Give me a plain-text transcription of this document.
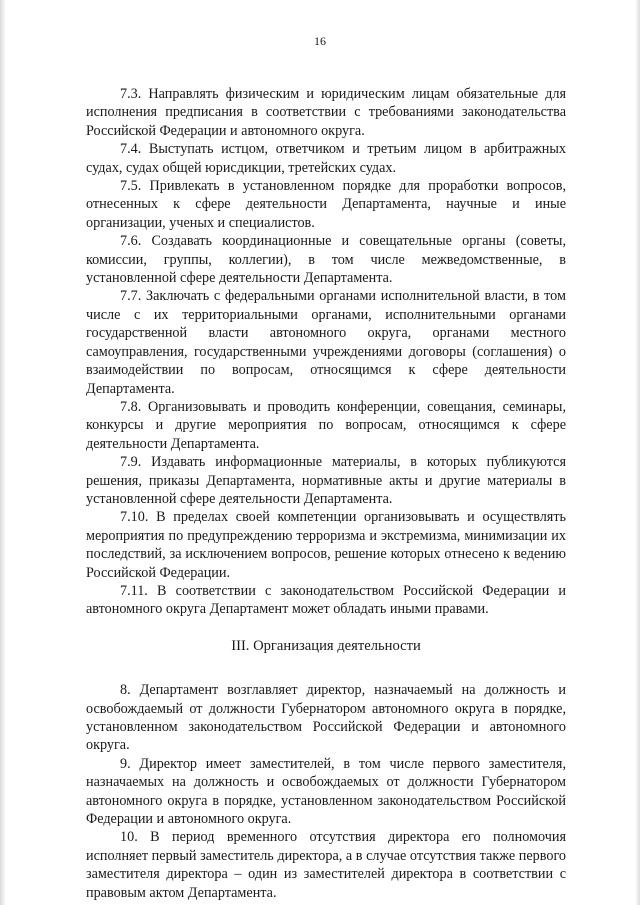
16

7.3. Направлять физическим и юридическим лицам обязательные для исполнения предписания в соответствии с требованиями законодательства Российской Федерации и автономного округа.

7.4. Выступать истцом, ответчиком и третьим лицом в арбитражных судах, судах общей юрисдикции, третейских судах.

7.5. Привлекать в установленном порядке для проработки вопросов, отнесенных к сфере деятельности Департамента, научные и иные организации, ученых и специалистов.

7.6. Создавать координационные и совещательные органы (советы, комиссии, группы, коллегии), в том числе межведомственные, в установленной сфере деятельности Департамента.

7.7. Заключать с федеральными органами исполнительной власти, в том числе с их территориальными органами, исполнительными органами государственной власти автономного округа, органами местного самоуправления, государственными учреждениями договоры (соглашения) о взаимодействии по вопросам, относящимся к сфере деятельности Департамента.

7.8. Организовывать и проводить конференции, совещания, семинары, конкурсы и другие мероприятия по вопросам, относящимся к сфере деятельности Департамента.

7.9. Издавать информационные материалы, в которых публикуются решения, приказы Департамента, нормативные акты и другие материалы в установленной сфере деятельности Департамента.

7.10. В пределах своей компетенции организовывать и осуществлять мероприятия по предупреждению терроризма и экстремизма, минимизации их последствий, за исключением вопросов, решение которых отнесено к ведению Российской Федерации.

7.11. В соответствии с законодательством Российской Федерации и автономного округа Департамент может обладать иными правами.

III. Организация деятельности

8. Департамент возглавляет директор, назначаемый на должность и освобождаемый от должности Губернатором автономного округа в порядке, установленном законодательством Российской Федерации и автономного округа.

9. Директор имеет заместителей, в том числе первого заместителя, назначаемых на должность и освобождаемых от должности Губернатором автономного округа в порядке, установленном законодательством Российской Федерации и автономного округа.

10. В период временного отсутствия директора его полномочия исполняет первый заместитель директора, а в случае отсутствия также первого заместителя директора – один из заместителей директора в соответствии с правовым актом Департамента.
